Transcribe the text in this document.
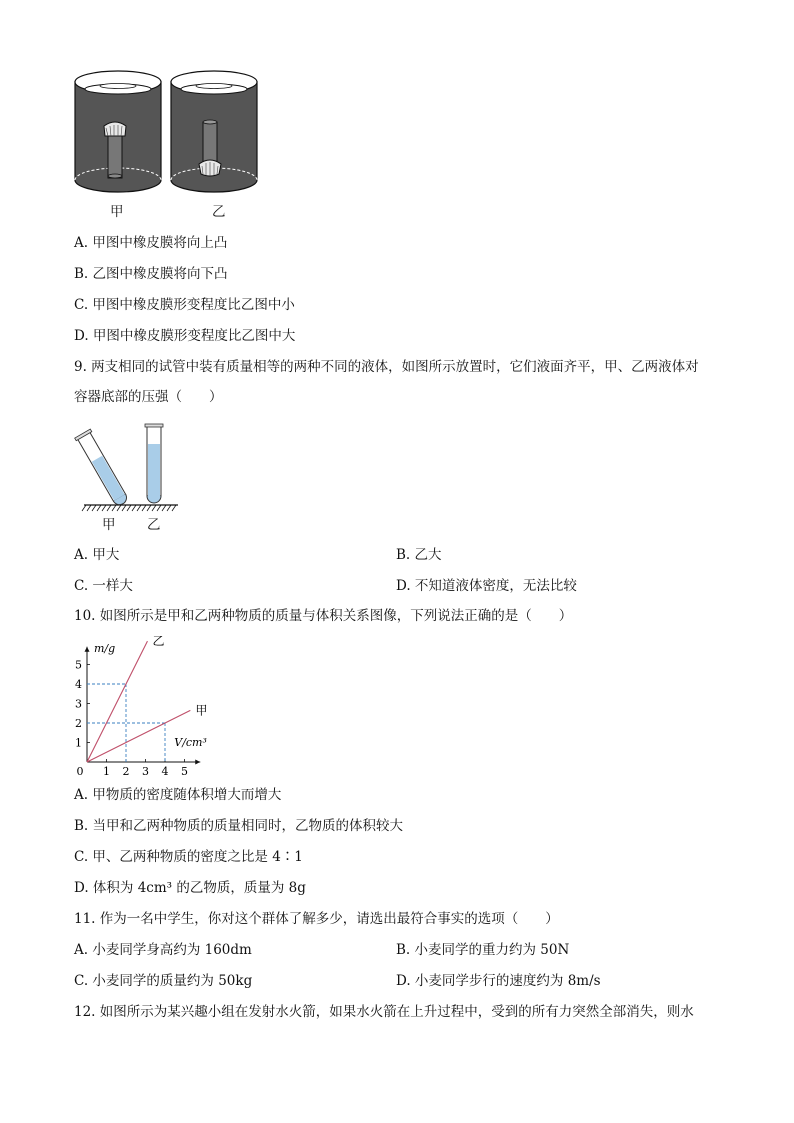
甲	乙
A. 甲图中橡皮膜将向上凸
B. 乙图中橡皮膜将向下凸
C. 甲图中橡皮膜形变程度比乙图中小
D. 甲图中橡皮膜形变程度比乙图中大
9. 两支相同的试管中装有质量相等的两种不同的液体，如图所示放置时，它们液面齐平，甲、乙两液体对
容器底部的压强（　　）
甲 乙
A. 甲大	B. 乙大
C. 一样大	D. 不知道液体密度，无法比较
10. 如图所示是甲和乙两种物质的质量与体积关系图像，下列说法正确的是（　　）
0 1 2 3 4 5
1
2
3
4
5
甲
乙
m/g
V/cm³
A. 甲物质的密度随体积增大而增大
B. 当甲和乙两种物质的质量相同时，乙物质的体积较大
C. 甲、乙两种物质的密度之比是 4∶1
D. 体积为 4cm³ 的乙物质，质量为 8g
11. 作为一名中学生，你对这个群体了解多少，请选出最符合事实的选项（　　）
A. 小麦同学身高约为 160dm	B. 小麦同学的重力约为 50N
C. 小麦同学的质量约为 50kg	D. 小麦同学步行的速度约为 8m/s
12. 如图所示为某兴趣小组在发射水火箭，如果水火箭在上升过程中，受到的所有力突然全部消失，则水
